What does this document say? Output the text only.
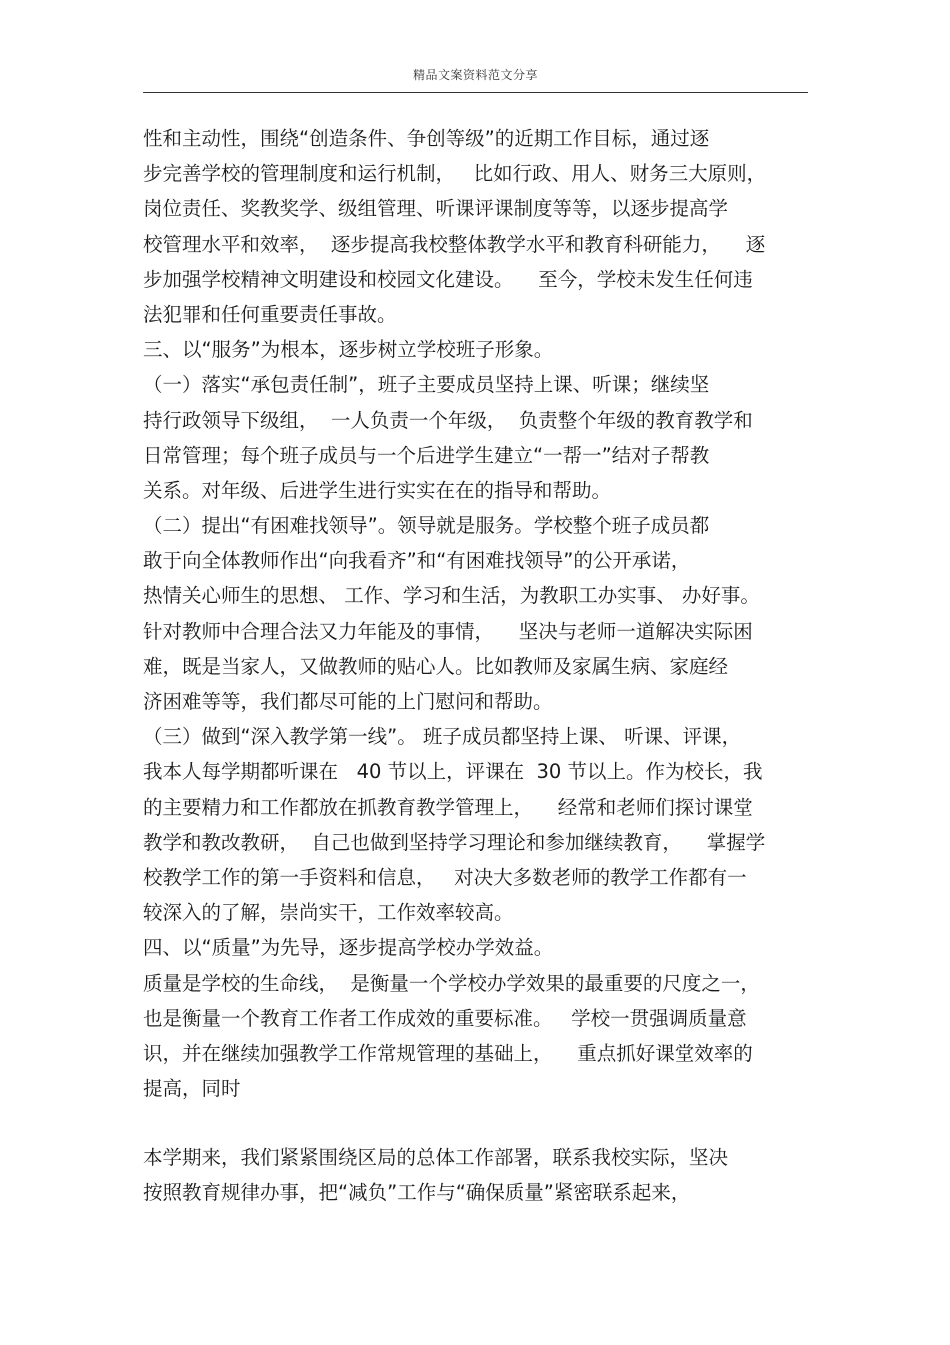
精品文案资料范文分享
性和主动性，围绕“创造条件、争创等级”的近期工作目标，通过逐
步完善学校的管理制度和运行机制，   比如行政、用人、财务三大原则，
岗位责任、奖教奖学、级组管理、听课评课制度等等，以逐步提高学
校管理水平和效率，  逐步提高我校整体教学水平和教育科研能力，    逐
步加强学校精神文明建设和校园文化建设。    至今，学校未发生任何违
法犯罪和任何重要责任事故。
三、以“服务”为根本，逐步树立学校班子形象。
（一）落实“承包责任制”，班子主要成员坚持上课、听课；继续坚
持行政领导下级组，  一人负责一个年级，  负责整个年级的教育教学和
日常管理；每个班子成员与一个后进学生建立“一帮一”结对子帮教
关系。对年级、后进学生进行实实在在的指导和帮助。
（二）提出“有困难找领导”。领导就是服务。学校整个班子成员都
敢于向全体教师作出“向我看齐”和“有困难找领导”的公开承诺，
热情关心师生的思想、 工作、学习和生活，为教职工办实事、 办好事。
针对教师中合理合法又力年能及的事情，    坚决与老师一道解决实际困
难，既是当家人，又做教师的贴心人。比如教师及家属生病、家庭经
济困难等等，我们都尽可能的上门慰问和帮助。
（三）做到“深入教学第一线”。 班子成员都坚持上课、 听课、评课，
我本人每学期都听课在   40 节以上，评课在  30 节以上。作为校长，我
的主要精力和工作都放在抓教育教学管理上，    经常和老师们探讨课堂
教学和教改教研，  自己也做到坚持学习理论和参加继续教育，    掌握学
校教学工作的第一手资料和信息，   对决大多数老师的教学工作都有一
较深入的了解，崇尚实干，工作效率较高。
四、以“质量”为先导，逐步提高学校办学效益。
质量是学校的生命线，  是衡量一个学校办学效果的最重要的尺度之一，
也是衡量一个教育工作者工作成效的重要标准。   学校一贯强调质量意
识，并在继续加强教学工作常规管理的基础上，    重点抓好课堂效率的
提高，同时
本学期来，我们紧紧围绕区局的总体工作部署，联系我校实际，坚决
按照教育规律办事，把“减负”工作与“确保质量”紧密联系起来，
